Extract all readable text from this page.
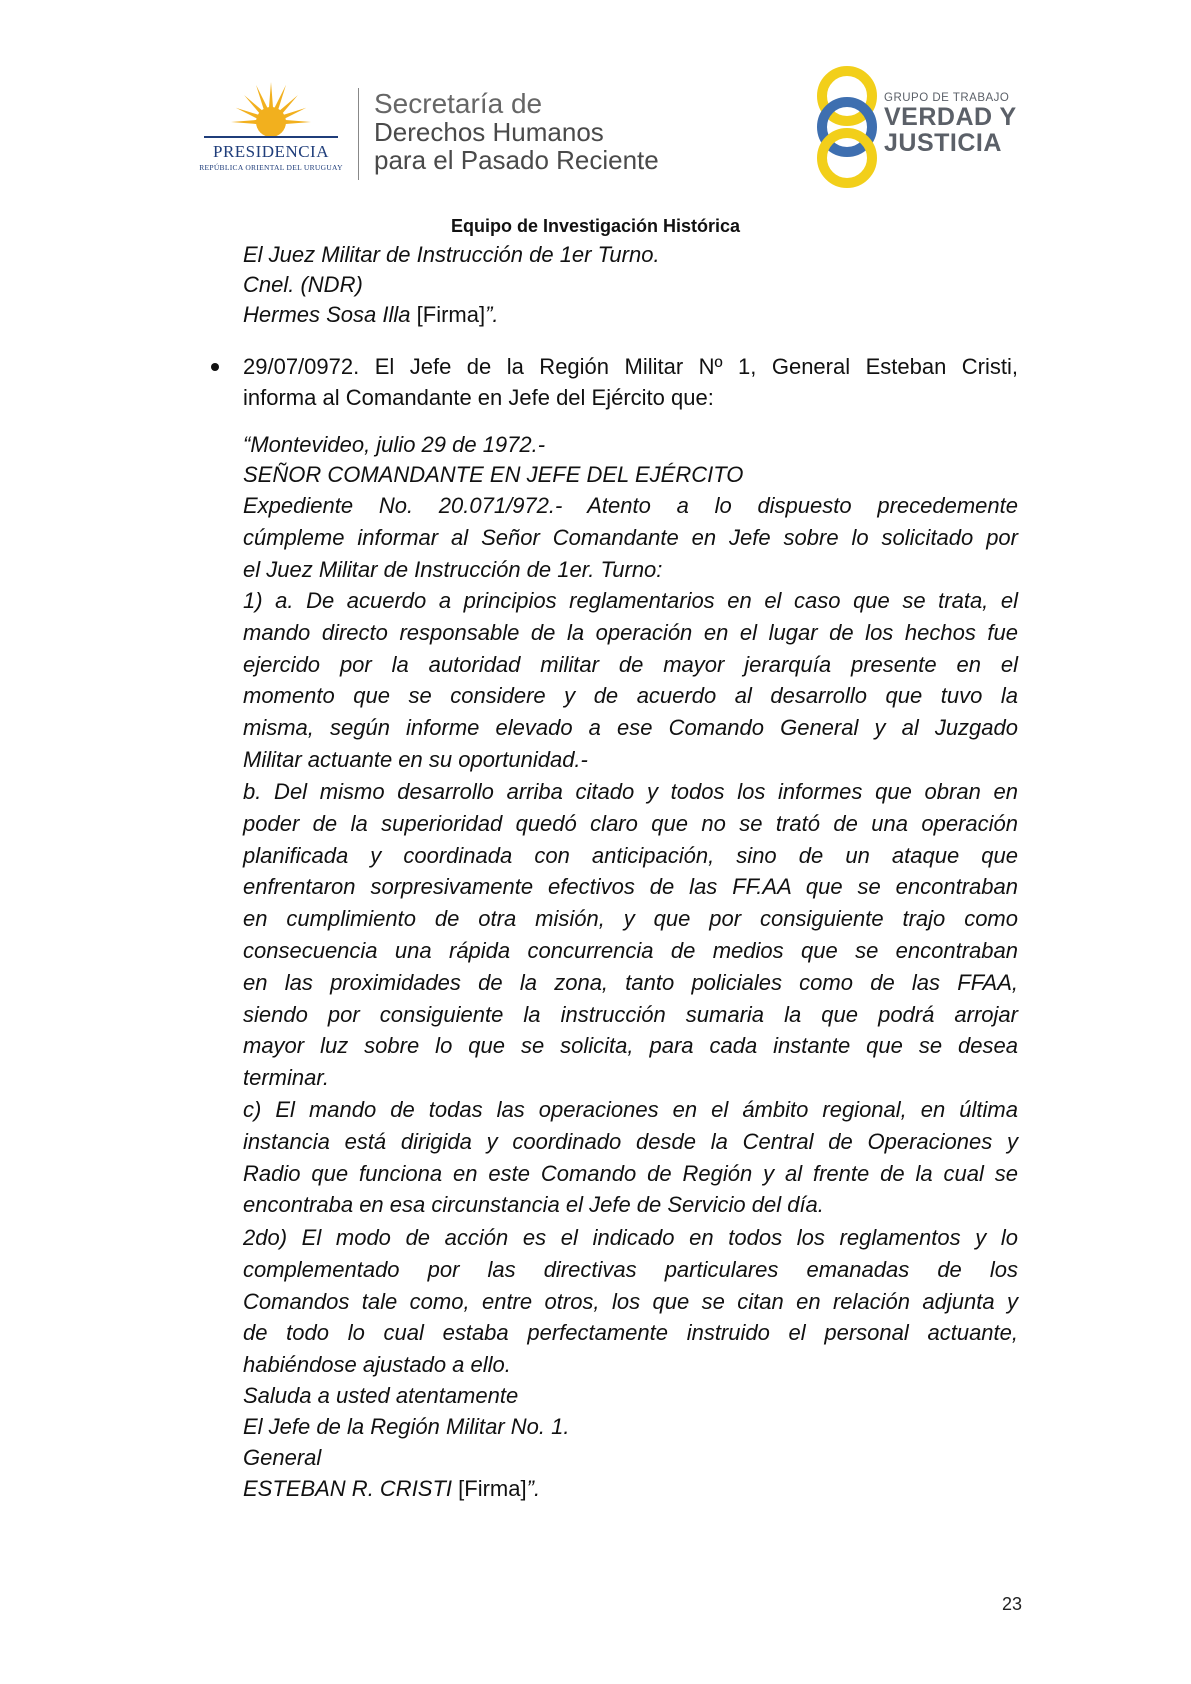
PRESIDENCIA
REPÚBLICA ORIENTAL DEL URUGUAY
Secretaría de
Derechos Humanos
para el Pasado Reciente
GRUPO DE TRABAJO
VERDAD Y
JUSTICIA
Equipo de Investigación Histórica
El Juez Militar de Instrucción de 1er Turno.
Cnel. (NDR)
Hermes Sosa Illa [Firma]”.
29/07/0972. El Jefe de la Región Militar Nº 1, General Esteban Cristi,
informa al Comandante en Jefe del Ejército que:
“Montevideo, julio 29 de 1972.-
SEÑOR COMANDANTE EN JEFE DEL EJÉRCITO
Expediente No. 20.071/972.- Atento a lo dispuesto precedemente
cúmpleme informar al Señor Comandante en Jefe sobre lo solicitado por
el Juez Militar de Instrucción de 1er. Turno:
1) a. De acuerdo a principios reglamentarios en el caso que se trata, el
mando directo responsable de la operación en el lugar de los hechos fue
ejercido por la autoridad militar de mayor jerarquía presente en el
momento que se considere y de acuerdo al desarrollo que tuvo la
misma, según informe elevado a ese Comando General y al Juzgado
Militar actuante en su oportunidad.-
b. Del mismo desarrollo arriba citado y todos los informes que obran en
poder de la superioridad quedó claro que no se trató de una operación
planificada y coordinada con anticipación, sino de un ataque que
enfrentaron sorpresivamente efectivos de las FF.AA que se encontraban
en cumplimiento de otra misión, y que por consiguiente trajo como
consecuencia una rápida concurrencia de medios que se encontraban
en las proximidades de la zona, tanto policiales como de las FFAA,
siendo por consiguiente la instrucción sumaria la que podrá arrojar
mayor luz sobre lo que se solicita, para cada instante que se desea
terminar.
c) El mando de todas las operaciones en el ámbito regional, en última
instancia está dirigida y coordinado desde la Central de Operaciones y
Radio que funciona en este Comando de Región y al frente de la cual se
encontraba en esa circunstancia el Jefe de Servicio del día.
2do) El modo de acción es el indicado en todos los reglamentos y lo
complementado por las directivas particulares emanadas de los
Comandos tale como, entre otros, los que se citan en relación adjunta y
de todo lo cual estaba perfectamente instruido el personal actuante,
habiéndose ajustado a ello.
Saluda a usted atentamente
El Jefe de la Región Militar No. 1.
General
ESTEBAN R. CRISTI [Firma]”.
23
